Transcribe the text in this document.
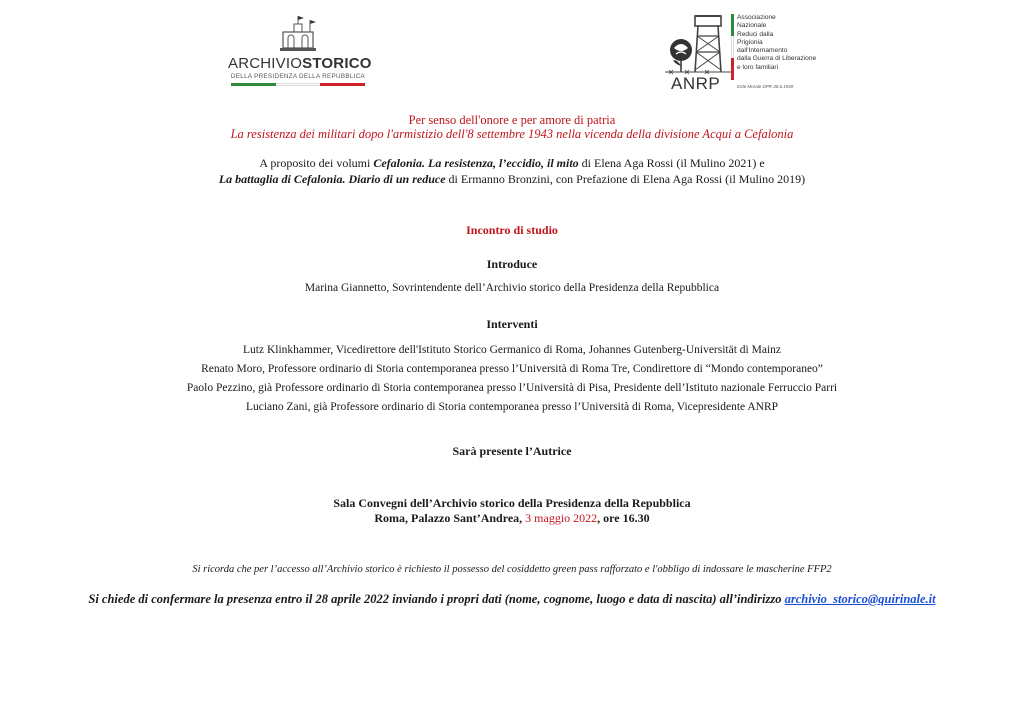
ARCHIVIOSTORICO
DELLA PRESIDENZA DELLA REPUBBLICA
Associazione
Nazionale
Reduci dalla
Prigionia
dall'Internamento
dalla Guerra di Liberazione
e loro familiari
ANRP	Ente Morale DPR 30.6.1949
Per senso dell'onore e per amore di patria
La resistenza dei militari dopo l'armistizio dell'8 settembre 1943 nella vicenda della divisione Acqui a Cefalonia
A proposito dei volumi Cefalonia. La resistenza, l’eccidio, il mito di Elena Aga Rossi (il Mulino 2021) e
La battaglia di Cefalonia. Diario di un reduce di Ermanno Bronzini, con Prefazione di Elena Aga Rossi (il Mulino 2019)
Incontro di studio
Introduce
Marina Giannetto, Sovrintendente dell’Archivio storico della Presidenza della Repubblica
Interventi
Lutz Klinkhammer, Vicedirettore dell'Istituto Storico Germanico di Roma, Johannes Gutenberg-Universität di Mainz
Renato Moro, Professore ordinario di Storia contemporanea presso l’Università di Roma Tre, Condirettore di “Mondo contemporaneo”
Paolo Pezzino, già Professore ordinario di Storia contemporanea presso l’Università di Pisa, Presidente dell’Istituto nazionale Ferruccio Parri
Luciano Zani, già Professore ordinario di Storia contemporanea presso l’Università di Roma, Vicepresidente ANRP
Sarà presente l’Autrice
Sala Convegni dell’Archivio storico della Presidenza della Repubblica
Roma, Palazzo Sant’Andrea, 3 maggio 2022, ore 16.30
Si ricorda che per l’accesso all’Archivio storico è richiesto il possesso del cosiddetto green pass rafforzato e l'obbligo di indossare le mascherine FFP2
Si chiede di confermare la presenza entro il 28 aprile 2022 inviando i propri dati (nome, cognome, luogo e data di nascita) all’indirizzo archivio_storico@quirinale.it
